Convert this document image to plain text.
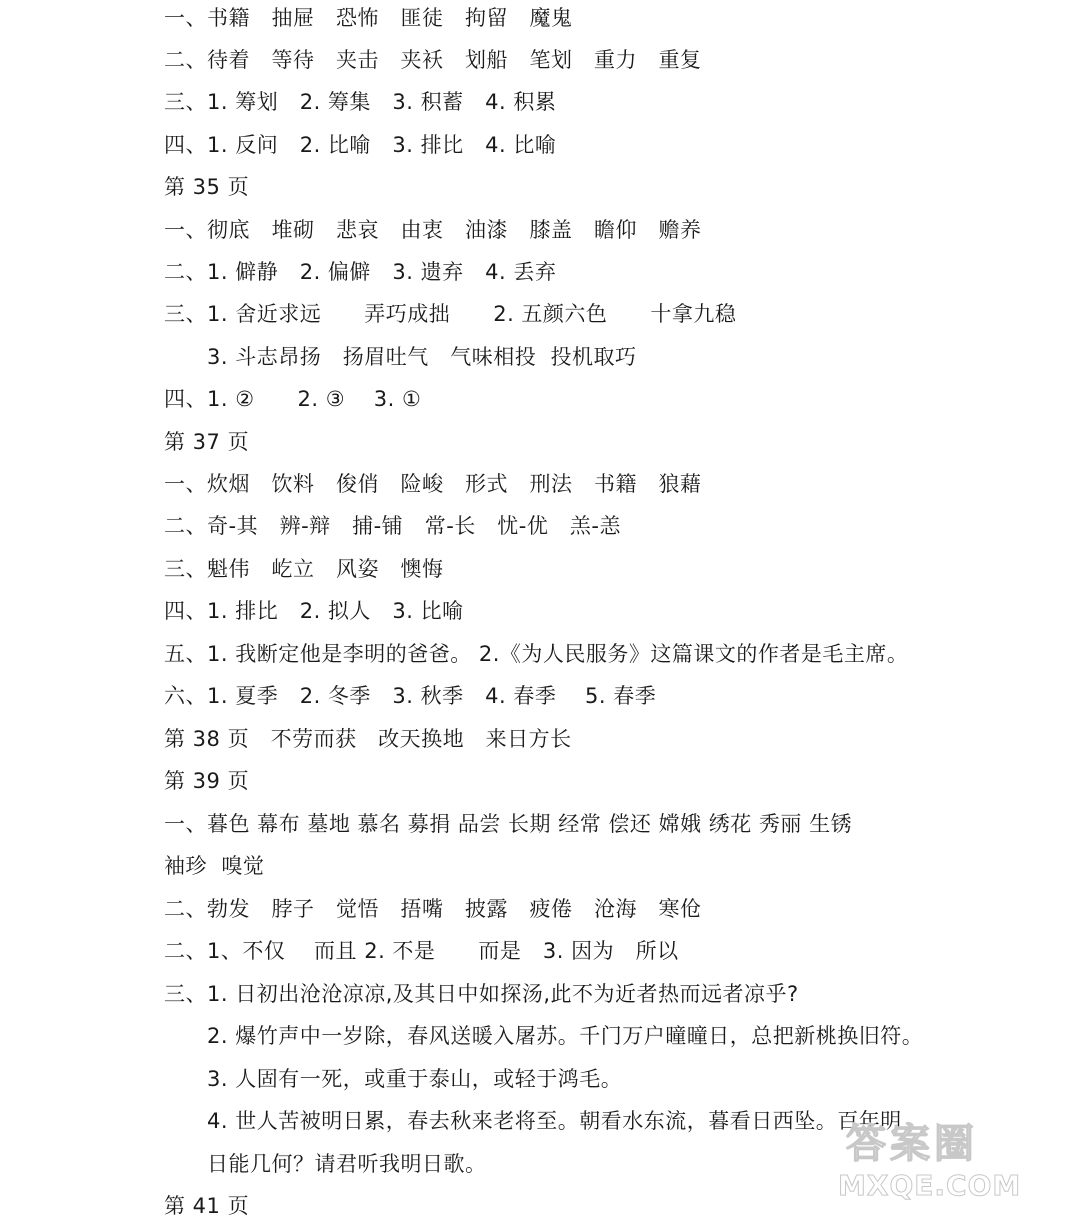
一、书籍　抽屉　恐怖　匪徒　拘留　魔鬼
二、待着　等待　夹击　夹袄　划船　笔划　重力　重复
三、1. 筹划　2. 筹集　3. 积蓄　4. 积累
四、1. 反问　2. 比喻　3. 排比　4. 比喻
第 35 页
一、彻底　堆砌　悲哀　由衷　油漆　膝盖　瞻仰　赡养
二、1. 僻静　2. 偏僻　3. 遗弃　4. 丢弃
三、1. 舍近求远　　弄巧成拙　　2. 五颜六色　　十拿九稳
3. 斗志昂扬　扬眉吐气　气味相投  投机取巧
四、1. ②　　2. ③　 3. ①
第 37 页
一、炊烟　饮料　俊俏　险峻　形式　刑法　书籍　狼藉
二、奇-其　辨-辩　捕-铺　常-长　忧-优　羔-恙
三、魁伟　屹立　风姿　懊悔
四、1. 排比　2. 拟人　3. 比喻
五、1. 我断定他是李明的爸爸。 2.《为人民服务》这篇课文的作者是毛主席。
六、1. 夏季　2. 冬季　3. 秋季　4. 春季　 5. 春季
第 38 页　不劳而获　改天换地　来日方长
第 39 页
一、暮色 幕布 墓地 慕名 募捐 品尝 长期 经常 偿还 嫦娥 绣花 秀丽 生锈
袖珍  嗅觉
二、勃发　脖子　觉悟　捂嘴　披露　疲倦　沧海　寒伧
二、1、不仅　 而且 2. 不是　　而是　3. 因为　所以
三、1. 日初出沧沧凉凉,及其日中如探汤,此不为近者热而远者凉乎?
2. 爆竹声中一岁除，春风送暖入屠苏。千门万户曈曈日，总把新桃换旧符。
3. 人固有一死，或重于泰山，或轻于鸿毛。
4. 世人苦被明日累，春去秋来老将至。朝看水东流，暮看日西坠。百年明
日能几何？请君听我明日歌。
第 41 页
答案圈
MXQE.COM
